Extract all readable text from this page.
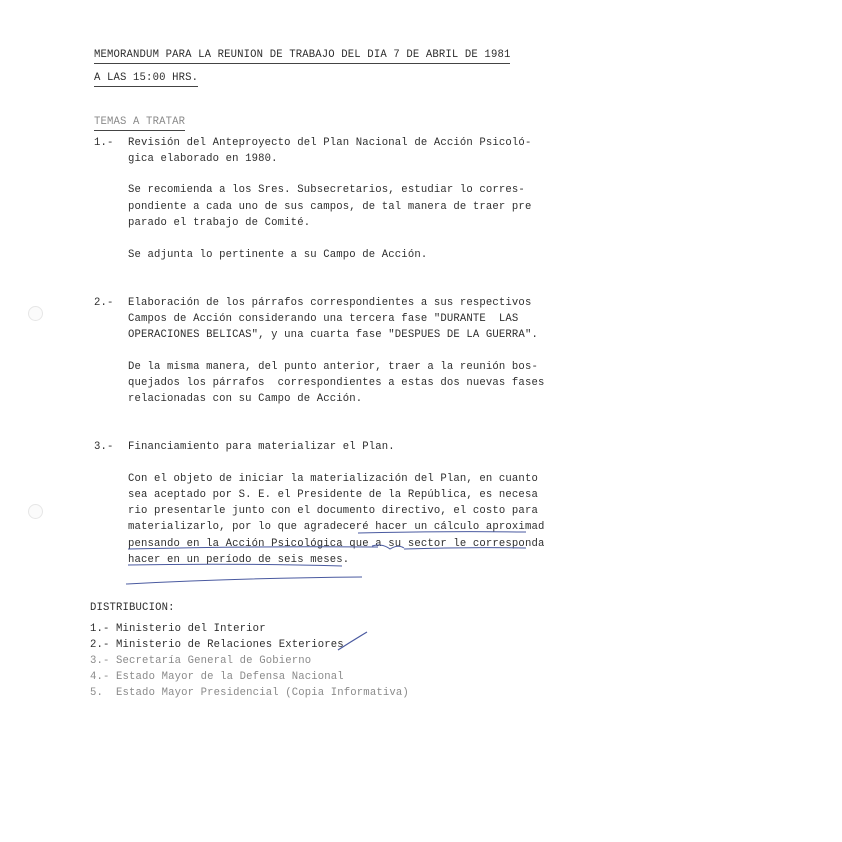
MEMORANDUM PARA LA REUNION DE TRABAJO DEL DIA 7 DE ABRIL DE 1981
A LAS 15:00 HRS.
TEMAS A TRATAR
1.- Revisión del Anteproyecto del Plan Nacional de Acción Psicoló-
gica elaborado en 1980.
Se recomienda a los Sres. Subsecretarios, estudiar lo corres-
pondiente a cada uno de sus campos, de tal manera de traer pre
parado el trabajo de Comité.
Se adjunta lo pertinente a su Campo de Acción.
2.- Elaboración de los párrafos correspondientes a sus respectivos
Campos de Acción considerando una tercera fase "DURANTE  LAS
OPERACIONES BELICAS", y una cuarta fase "DESPUES DE LA GUERRA".
De la misma manera, del punto anterior, traer a la reunión bos-
quejados los párrafos  correspondientes a estas dos nuevas fases
relacionadas con su Campo de Acción.
3.- Financiamiento para materializar el Plan.
Con el objeto de iniciar la materialización del Plan, en cuanto
sea aceptado por S. E. el Presidente de la República, es necesa
rio presentarle junto con el documento directivo, el costo para
materializarlo, por lo que agradeceré hacer un cálculo aproximad
pensando en la Acción Psicológica que a su sector le corresponda
hacer en un período de seis meses.
DISTRIBUCION:
1.- Ministerio del Interior
2.- Ministerio de Relaciones Exteriores
3.- Secretaría General de Gobierno
4.- Estado Mayor de la Defensa Nacional
5.  Estado Mayor Presidencial (Copia Informativa)
